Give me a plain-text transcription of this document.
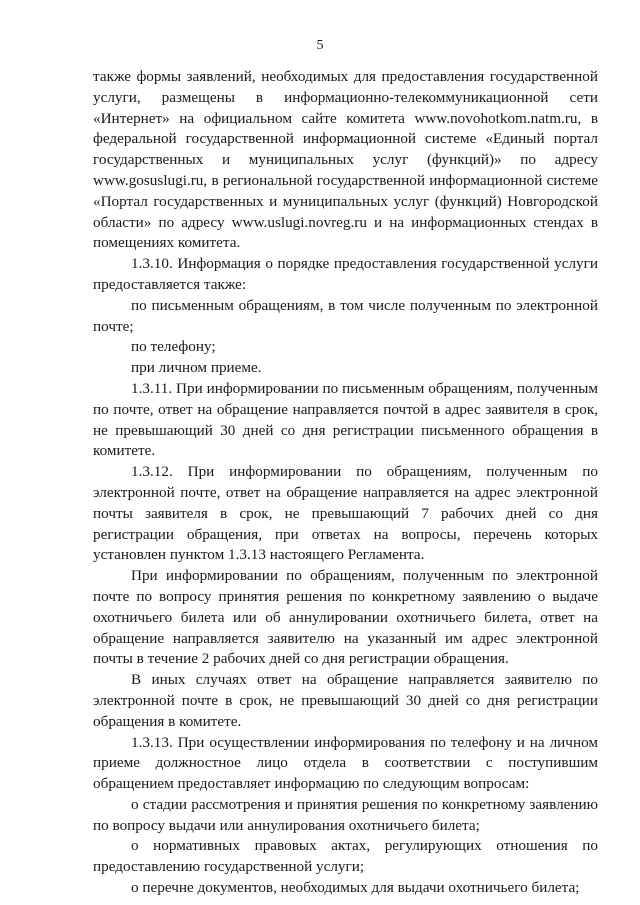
5

также формы заявлений, необходимых для предоставления государственной услуги, размещены в информационно-телекоммуникационной сети «Интернет» на официальном сайте комитета www.novohotkom.natm.ru, в федеральной государственной информационной системе «Единый портал государственных и муниципальных услуг (функций)» по адресу www.gosuslugi.ru, в региональной государственной информационной системе «Портал государственных и муниципальных услуг (функций) Новгородской области» по адресу www.uslugi.novreg.ru и на информационных стендах в помещениях комитета.

1.3.10. Информация о порядке предоставления государственной услуги предоставляется также:

по письменным обращениям, в том числе полученным по электронной почте;

по телефону;

при личном приеме.

1.3.11. При информировании по письменным обращениям, полученным по почте, ответ на обращение направляется почтой в адрес заявителя в срок, не превышающий 30 дней со дня регистрации письменного обращения в комитете.

1.3.12. При информировании по обращениям, полученным по электронной почте, ответ на обращение направляется на адрес электронной почты заявителя в срок, не превышающий 7 рабочих дней со дня регистрации обращения, при ответах на вопросы, перечень которых установлен пунктом 1.3.13 настоящего Регламента.

При информировании по обращениям, полученным по электронной почте по вопросу принятия решения по конкретному заявлению о выдаче охотничьего билета или об аннулировании охотничьего билета, ответ на обращение направляется заявителю на указанный им адрес электронной почты в течение 2 рабочих дней со дня регистрации обращения.

В иных случаях ответ на обращение направляется заявителю по электронной почте в срок, не превышающий 30 дней со дня регистрации обращения в комитете.

1.3.13. При осуществлении информирования по телефону и на личном приеме должностное лицо отдела в соответствии с поступившим обращением предоставляет информацию по следующим вопросам:

о стадии рассмотрения и принятия решения по конкретному заявлению по вопросу выдачи или аннулирования охотничьего билета;

о нормативных правовых актах, регулирующих отношения по предоставлению государственной услуги;

о перечне документов, необходимых для выдачи охотничьего билета;
